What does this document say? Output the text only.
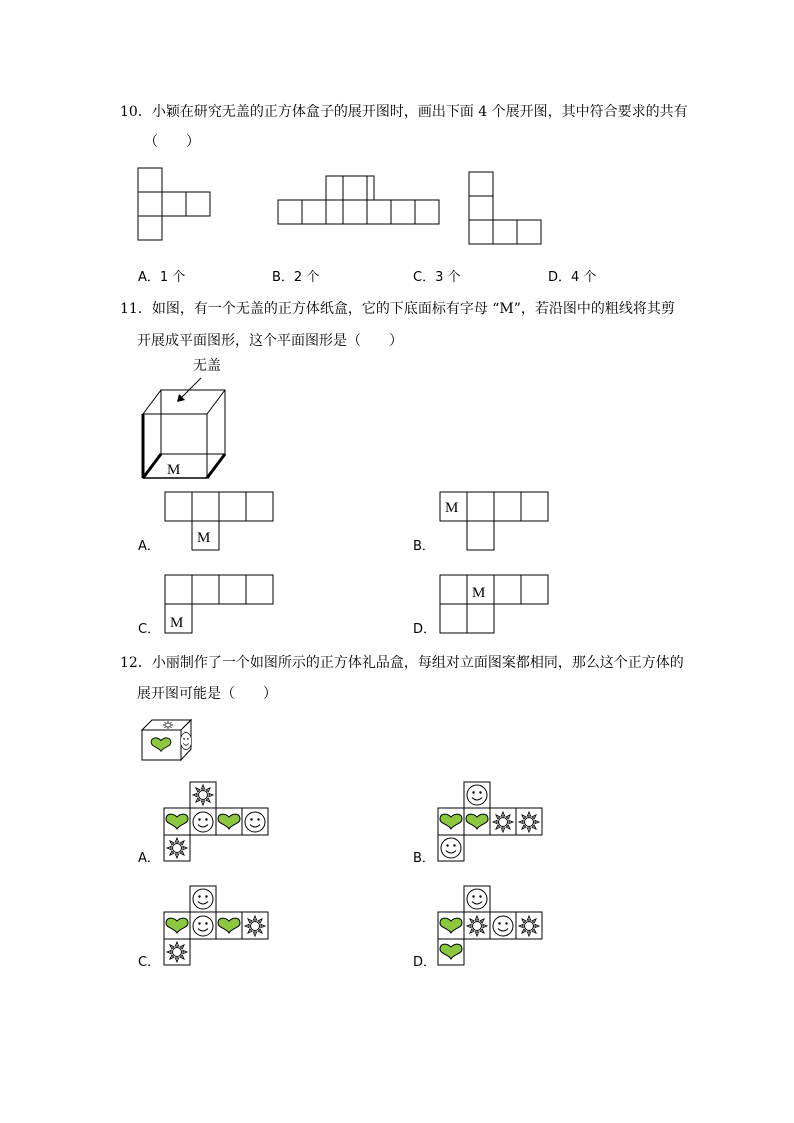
10．小颖在研究无盖的正方体盒子的展开图时，画出下面 4 个展开图，其中符合要求的共有
（　　）
A．1 个	B．2 个	C．3 个	D．4 个
11．如图，有一个无盖的正方体纸盒，它的下底面标有字母 “M”，若沿图中的粗线将其剪
开展成平面图形，这个平面图形是（　　）
无盖
M
M
A．
M
B．
M
C．
M
D．
12．小丽制作了一个如图所示的正方体礼品盒，每组对立面图案都相同，那么这个正方体的
展开图可能是（　　）
A．	B．
C．	D．
